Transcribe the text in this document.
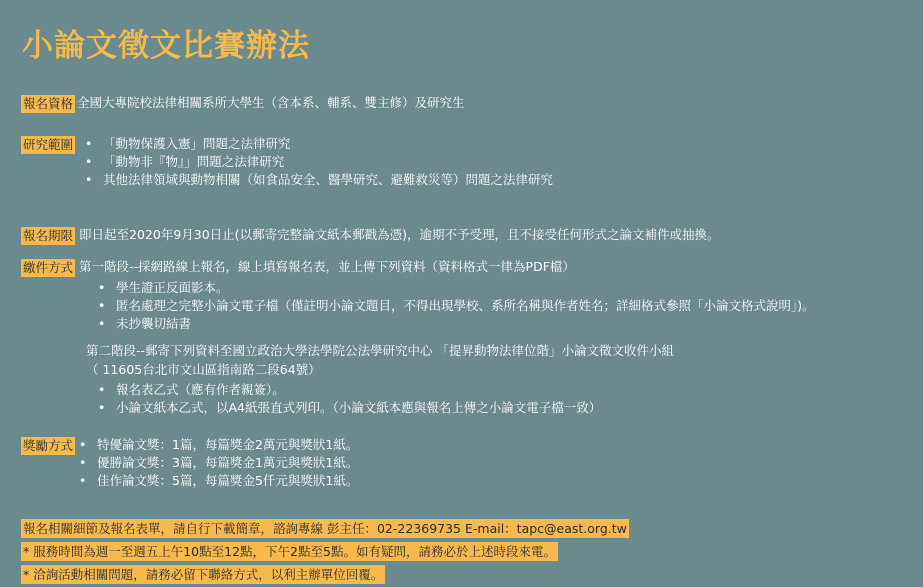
小論文徵文比賽辦法
報名資格 全國大專院校法律相關系所大學生（含本系、輔系、雙主修）及研究生
研究範圍	• 「動物保護入憲」問題之法律研究
• 「動物非『物』」問題之法律研究
• 其他法律領域與動物相關（如食品安全、醫學研究、避難救災等）問題之法律研究
報名期限 即日起至2020年9月30日止(以郵寄完整論文紙本郵戳為憑)，逾期不予受理，且不接受任何形式之論文補件或抽換。
繳件方式 第一階段--採網路線上報名，線上填寫報名表，並上傳下列資料（資料格式一律為PDF檔）
• 學生證正反面影本。
• 匿名處理之完整小論文電子檔（僅註明小論文題目，不得出現學校、系所名稱與作者姓名；詳細格式參照「小論文格式說明」)。
• 未抄襲切結書
第二階段--郵寄下列資料至國立政治大學法學院公法學研究中心 「提昇動物法律位階」小論文徵文收件小組
（ 11605台北市文山區指南路二段64號）
• 報名表乙式（應有作者親簽）。
• 小論文紙本乙式，以A4紙張直式列印。（小論文紙本應與報名上傳之小論文電子檔一致）
獎勵方式	• 特優論文獎：1篇，每篇獎金2萬元與獎狀1紙。
• 優勝論文獎：3篇，每篇獎金1萬元與獎狀1紙。
• 佳作論文獎：5篇，每篇獎金5仟元與獎狀1紙。
報名相關細節及報名表單，請自行下載簡章，諮詢專線 彭主任：02-22369735 E-mail：tapc@east.org.tw
* 服務時間為週一至週五上午10點至12點，下午2點至5點。如有疑問，請務必於上述時段來電。
* 洽詢活動相關問題，請務必留下聯絡方式，以利主辦單位回覆。
